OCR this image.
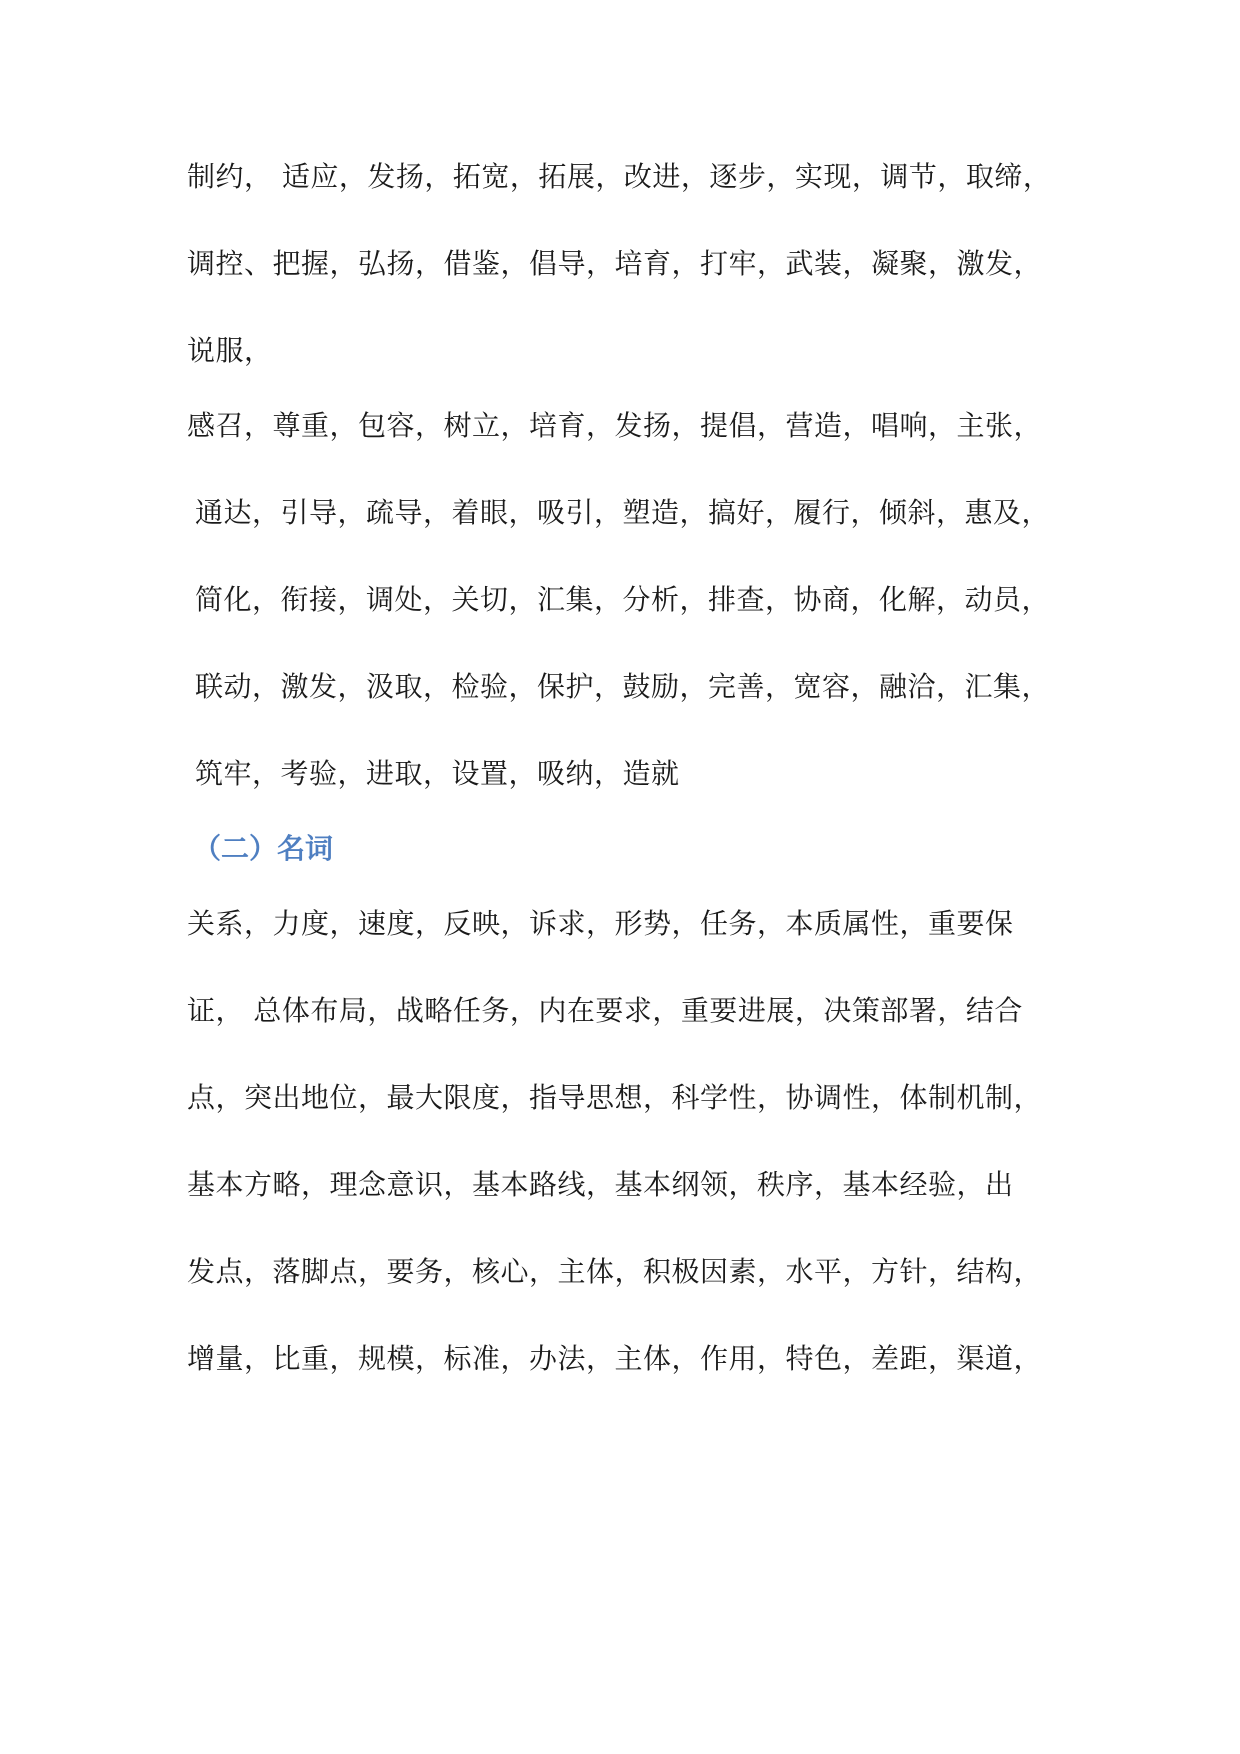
制约， 适应，发扬，拓宽，拓展，改进，逐步，实现，调节，取缔，
调控、把握，弘扬，借鉴，倡导，培育，打牢，武装，凝聚，激发，
说服，
感召，尊重，包容，树立，培育，发扬，提倡，营造，唱响，主张，
通达，引导，疏导，着眼，吸引，塑造，搞好，履行，倾斜，惠及，
简化，衔接，调处，关切，汇集，分析，排查，协商，化解，动员，
联动，激发，汲取，检验，保护，鼓励，完善，宽容，融洽，汇集，
筑牢，考验，进取，设置，吸纳，造就
（二）名词
关系，力度，速度，反映，诉求，形势，任务，本质属性，重要保
证， 总体布局，战略任务，内在要求，重要进展，决策部署，结合
点，突出地位，最大限度，指导思想，科学性，协调性，体制机制，
基本方略，理念意识，基本路线，基本纲领，秩序，基本经验，出
发点，落脚点，要务，核心，主体，积极因素，水平，方针，结构，
增量，比重，规模，标准，办法，主体，作用，特色，差距，渠道，
